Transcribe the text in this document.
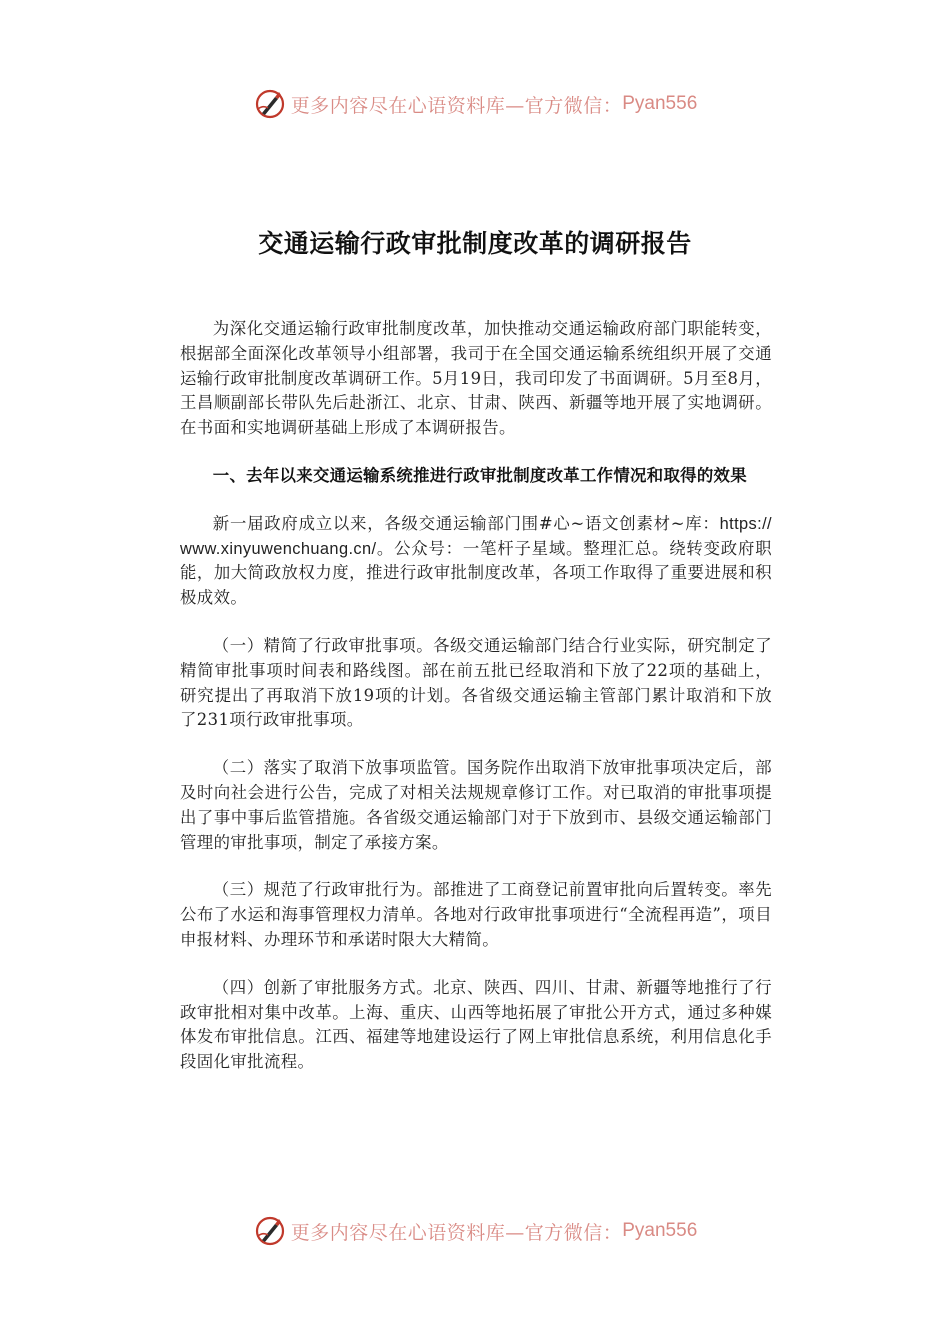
更多内容尽在心语资料库—官方微信： Pyan556
交通运输行政审批制度改革的调研报告

为深化交通运输行政审批制度改革，加快推动交通运输政府部门职能转变，根据部全面深化改革领导小组部署，我司于在全国交通运输系统组织开展了交通运输行政审批制度改革调研工作。5月19日，我司印发了书面调研。5月至8月，王昌顺副部长带队先后赴浙江、北京、甘肃、陕西、新疆等地开展了实地调研。在书面和实地调研基础上形成了本调研报告。

一、去年以来交通运输系统推进行政审批制度改革工作情况和取得的效果

新一届政府成立以来，各级交通运输部门围#心~语文创素材~库：https://www.xinyuwenchuang.cn/。公众号：一笔杆子星域。整理汇总。绕转变政府职能，加大简政放权力度，推进行政审批制度改革，各项工作取得了重要进展和积极成效。

（一）精简了行政审批事项。各级交通运输部门结合行业实际，研究制定了精简审批事项时间表和路线图。部在前五批已经取消和下放了22项的基础上，研究提出了再取消下放19项的计划。各省级交通运输主管部门累计取消和下放了231项行政审批事项。

（二）落实了取消下放事项监管。国务院作出取消下放审批事项决定后，部及时向社会进行公告，完成了对相关法规规章修订工作。对已取消的审批事项提出了事中事后监管措施。各省级交通运输部门对于下放到市、县级交通运输部门管理的审批事项，制定了承接方案。

（三）规范了行政审批行为。部推进了工商登记前置审批向后置转变。率先公布了水运和海事管理权力清单。各地对行政审批事项进行“全流程再造”，项目申报材料、办理环节和承诺时限大大精简。

（四）创新了审批服务方式。北京、陕西、四川、甘肃、新疆等地推行了行政审批相对集中改革。上海、重庆、山西等地拓展了审批公开方式，通过多种媒体发布审批信息。江西、福建等地建设运行了网上审批信息系统，利用信息化手段固化审批流程。

更多内容尽在心语资料库—官方微信： Pyan556
